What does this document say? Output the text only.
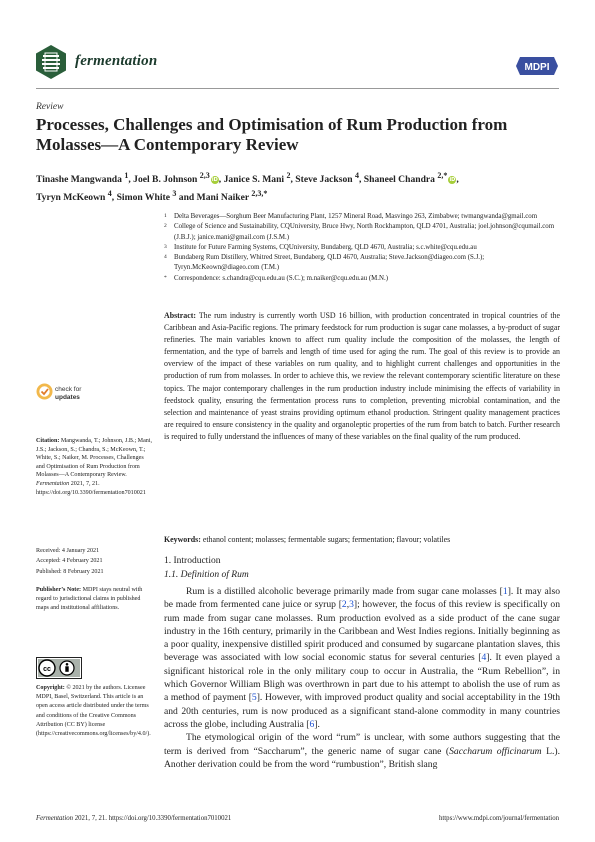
fermentation	MDPI
Review
Processes, Challenges and Optimisation of Rum Production from Molasses—A Contemporary Review
Tinashe Mangwanda $^1$, Joel B. Johnson $^{2,3}$iD, Janice S. Mani $^2$, Steve Jackson $^4$, Shaneel Chandra $^{2,*}$iD,
Tyryn McKeown $^4$, Simon White $^3$ and Mani Naiker $^{2,3,*}$
1 Delta Beverages—Sorghum Beer Manufacturing Plant, 1257 Mineral Road, Masvingo 263, Zimbabwe; twmangwanda@gmail.com
2 College of Science and Sustainability, CQUniversity, Bruce Hwy, North Rockhampton, QLD 4701, Australia; joel.johnson@cqumail.com (J.B.J.); janice.mani@gmail.com (J.S.M.)
3 Institute for Future Farming Systems, CQUniversity, Bundaberg, QLD 4670, Australia; s.c.white@cqu.edu.au
4 Bundaberg Rum Distillery, Whitred Street, Bundaberg, QLD 4670, Australia; Steve.Jackson@diageo.com (S.J.); Tyryn.McKeown@diageo.com (T.M.)
* Correspondence: s.chandra@cqu.edu.au (S.C.); m.naiker@cqu.edu.au (M.N.)
check for
updates
Citation: Mangwanda, T.; Johnson, J.B.; Mani, J.S.; Jackson, S.; Chandra, S.; McKeown, T.; White, S.; Naiker, M. Processes, Challenges and Optimisation of Rum Production from Molasses—A Contemporary Review. Fermentation 2021, 7, 21. https://doi.org/10.3390/fermentation7010021
Received: 4 January 2021
Accepted: 4 February 2021
Published: 8 February 2021
Publisher’s Note: MDPI stays neutral with regard to jurisdictional claims in published maps and institutional affiliations.
cc
Copyright: © 2021 by the authors. Licensee MDPI, Basel, Switzerland. This article is an open access article distributed under the terms and conditions of the Creative Commons Attribution (CC BY) license (https://creativecommons.org/licenses/by/4.0/).
Abstract: The rum industry is currently worth USD 16 billion, with production concentrated in tropical countries of the Caribbean and Asia-Pacific regions. The primary feedstock for rum production is sugar cane molasses, a by-product of sugar refineries. The main variables known to affect rum quality include the composition of the molasses, the length of fermentation, and the type of barrels and length of time used for aging the rum. The goal of this review is to provide an overview of the impact of these variables on rum quality, and to highlight current challenges and opportunities in the production of rum from molasses. In order to achieve this, we review the relevant contemporary scientific literature on these topics. The major contemporary challenges in the rum production industry include minimising the effects of variability in feedstock quality, ensuring the fermentation process runs to completion, preventing microbial contamination, and the selection and maintenance of yeast strains providing optimum ethanol production. Stringent quality management practices are required to ensure consistency in the quality and organoleptic properties of the rum from batch to batch. Further research is required to fully understand the influences of many of these variables on the final quality of the rum produced.
Keywords: ethanol content; molasses; fermentable sugars; fermentation; flavour; volatiles
1. Introduction
1.1. Definition of Rum

Rum is a distilled alcoholic beverage primarily made from sugar cane molasses [1]. It may also be made from fermented cane juice or syrup [2,3]; however, the focus of this review is specifically on rum made from sugar cane molasses. Rum production evolved as a side product of the cane sugar industry in the 16th century, primarily in the Caribbean and West Indies regions. Initially beginning as a poor quality, inexpensive distilled spirit produced and consumed by sugarcane plantation slaves, this beverage was associated with low social economic status for several centuries [4]. It even played a significant historical role in the only military coup to occur in Australia, the “Rum Rebellion”, in which Governor William Bligh was overthrown in part due to his attempt to abolish the use of rum as a method of payment [5]. However, with improved product quality and social acceptability in the 19th and 20th centuries, rum is now produced as a significant stand-alone commodity in many countries across the globe, including Australia [6].

The etymological origin of the word “rum” is unclear, with some authors suggesting that the term is derived from “Saccharum”, the generic name of sugar cane (Saccharum officinarum L.). Another derivation could be from the word “rumbustion”, British slang

Fermentation 2021, 7, 21. https://doi.org/10.3390/fermentation7010021	https://www.mdpi.com/journal/fermentation
